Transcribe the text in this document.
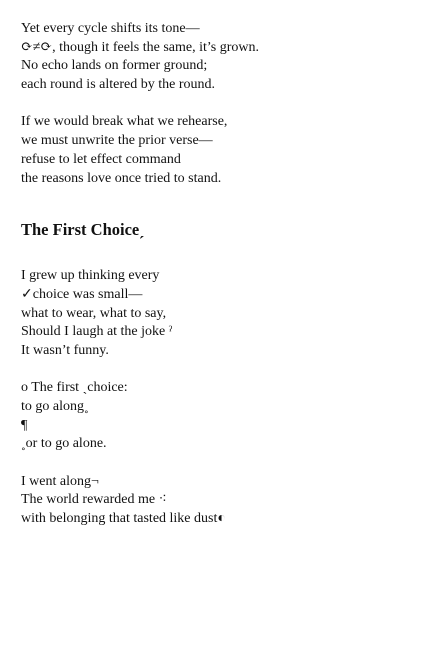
Yet every cycle shifts its tone—
⟳≠⟳, though it feels the same, it’s grown.
No echo lands on former ground;
each round is altered by the round.
If we would break what we rehearse,
we must unwrite the prior verse—
refuse to let effect command
the reasons love once tried to stand.
The First Choiceˏ
I grew up thinking every
✓choice was small—
what to wear, what to say,
Should I laugh at the joke ˀ
It wasn’t funny.
o The first ˏchoice:
to go along˳
¶
˳or to go alone.
I went along¬
The world rewarded me ⁖
with belonging that tasted like dust◐
